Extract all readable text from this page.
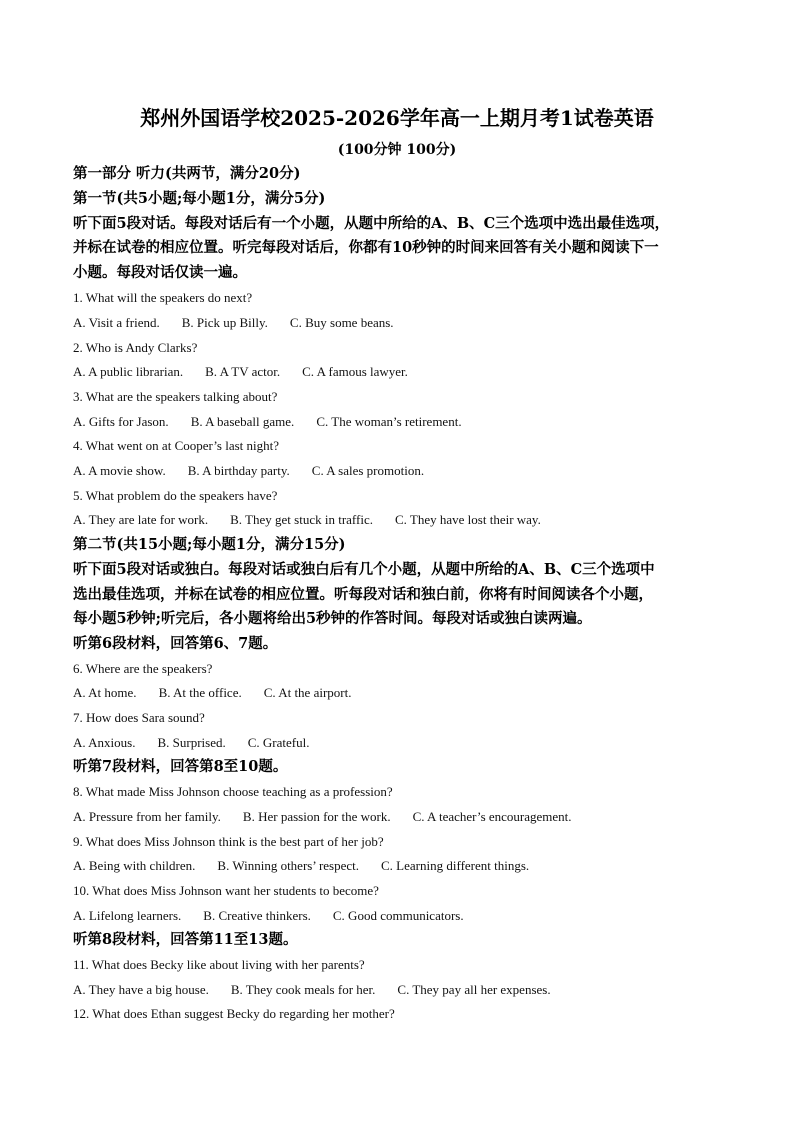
郑州外国语学校2025-2026学年高一上期月考1试卷英语
(100分钟 100分)
第一部分 听力(共两节，满分20分)
第一节(共5小题;每小题1分，满分5分)
听下面5段对话。每段对话后有一个小题，从题中所给的A、B、C三个选项中选出最佳选项，
并标在试卷的相应位置。听完每段对话后，你都有10秒钟的时间来回答有关小题和阅读下一
小题。每段对话仅读一遍。
1. What will the speakers do next?
A. Visit a friend. B. Pick up Billy. C. Buy some beans.
2. Who is Andy Clarks?
A. A public librarian. B. A TV actor. C. A famous lawyer.
3. What are the speakers talking about?
A. Gifts for Jason. B. A baseball game. C. The woman’s retirement.
4. What went on at Cooper’s last night?
A. A movie show. B. A birthday party. C. A sales promotion.
5. What problem do the speakers have?
A. They are late for work. B. They get stuck in traffic. C. They have lost their way.
第二节(共15小题;每小题1分，满分15分)
听下面5段对话或独白。每段对话或独白后有几个小题，从题中所给的A、B、C三个选项中
选出最佳选项，并标在试卷的相应位置。听每段对话和独白前，你将有时间阅读各个小题，
每小题5秒钟;听完后，各小题将给出5秒钟的作答时间。每段对话或独白读两遍。
听第6段材料，回答第6、7题。
6. Where are the speakers?
A. At home. B. At the office. C. At the airport.
7. How does Sara sound?
A. Anxious. B. Surprised. C. Grateful.
听第7段材料，回答第8至10题。
8. What made Miss Johnson choose teaching as a profession?
A. Pressure from her family. B. Her passion for the work. C. A teacher’s encouragement.
9. What does Miss Johnson think is the best part of her job?
A. Being with children. B. Winning others’ respect. C. Learning different things.
10. What does Miss Johnson want her students to become?
A. Lifelong learners. B. Creative thinkers. C. Good communicators.
听第8段材料，回答第11至13题。
11. What does Becky like about living with her parents?
A. They have a big house. B. They cook meals for her. C. They pay all her expenses.
12. What does Ethan suggest Becky do regarding her mother?
